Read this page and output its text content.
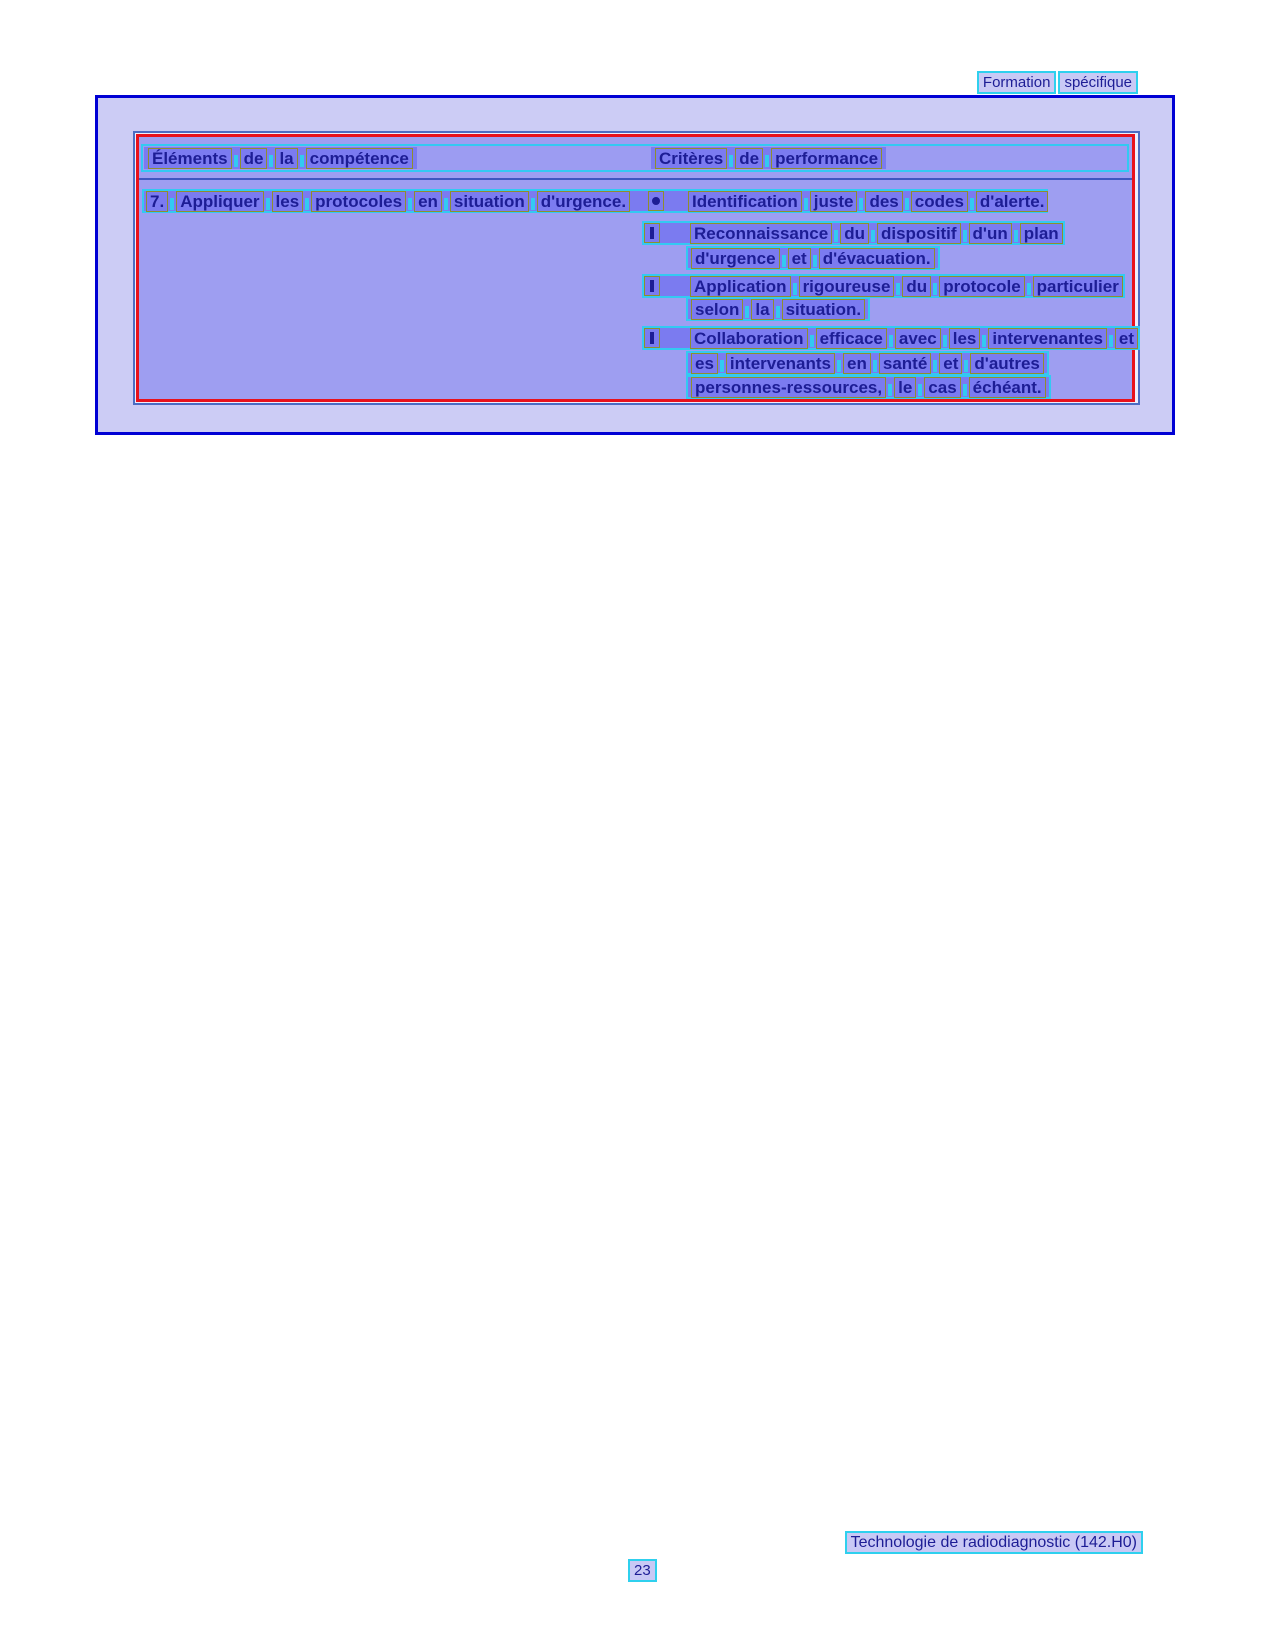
Formation spécifique
Éléments de la compétence	Critères de performance
7. Appliquer les protocoles en situation d'urgence.	Identification juste des codes d'alerte.
Reconnaissance du dispositif d'un plan
d'urgence et d'évacuation.
Application rigoureuse du protocole particulier
selon la situation.
Collaboration efficace avec les intervenantes et
es intervenants en santé et d'autres
personnes-ressources, le cas échéant.
Technologie de radiodiagnostic (142.H0)
23
